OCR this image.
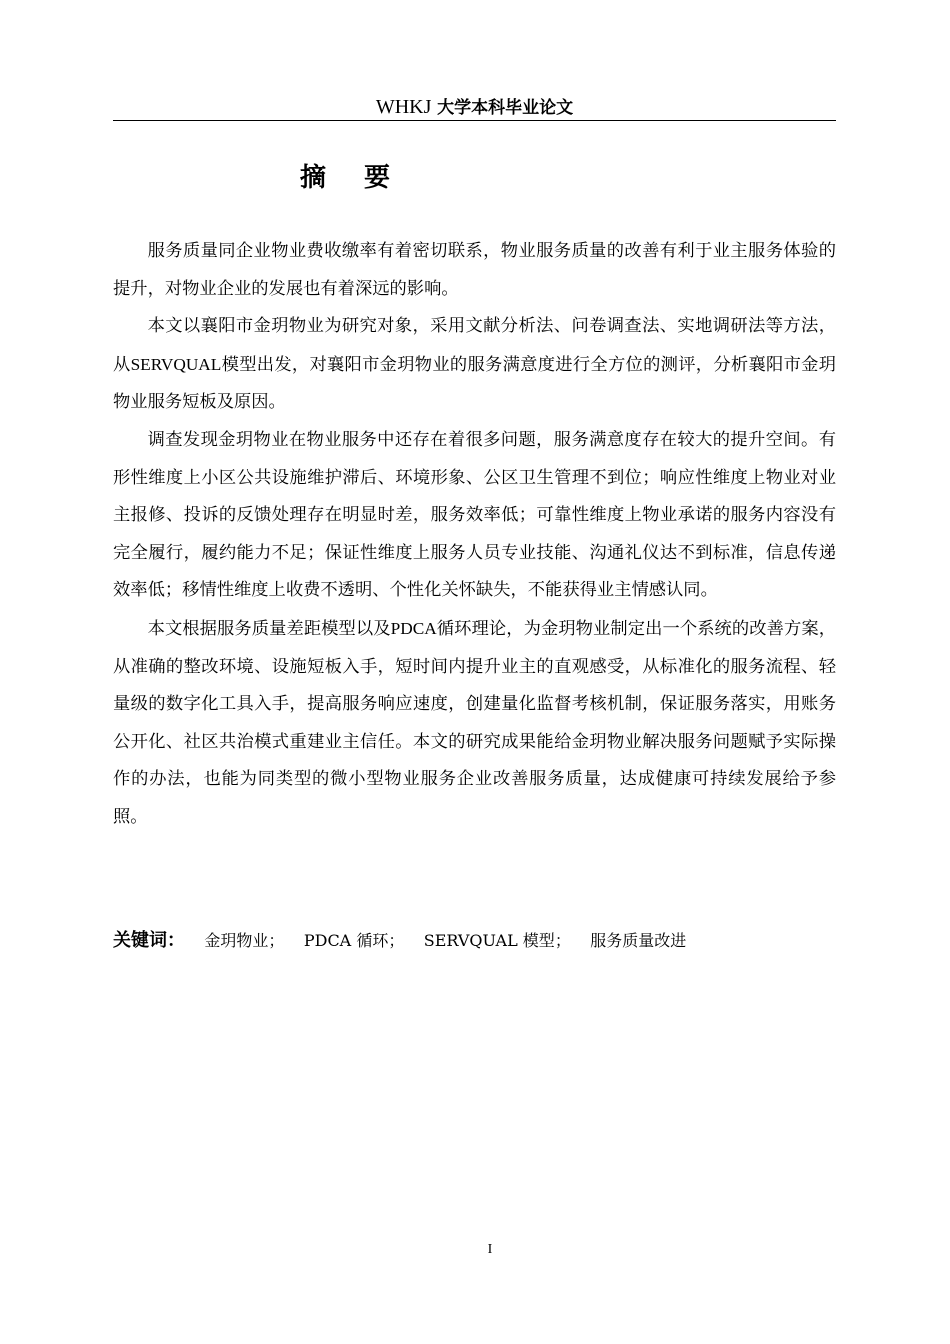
WHKJ 大学本科毕业论文
摘要

服务质量同企业物业费收缴率有着密切联系，物业服务质量的改善有利于业主服务体验的提升，对物业企业的发展也有着深远的影响。

本文以襄阳市金玥物业为研究对象，采用文献分析法、问卷调查法、实地调研法等方法，从SERVQUAL模型出发，对襄阳市金玥物业的服务满意度进行全方位的测评，分析襄阳市金玥物业服务短板及原因。

调查发现金玥物业在物业服务中还存在着很多问题，服务满意度存在较大的提升空间。有形性维度上小区公共设施维护滞后、环境形象、公区卫生管理不到位；响应性维度上物业对业主报修、投诉的反馈处理存在明显时差，服务效率低；可靠性维度上物业承诺的服务内容没有完全履行，履约能力不足；保证性维度上服务人员专业技能、沟通礼仪达不到标准，信息传递效率低；移情性维度上收费不透明、个性化关怀缺失，不能获得业主情感认同。

本文根据服务质量差距模型以及PDCA循环理论，为金玥物业制定出一个系统的改善方案，从准确的整改环境、设施短板入手，短时间内提升业主的直观感受，从标准化的服务流程、轻量级的数字化工具入手，提高服务响应速度，创建量化监督考核机制，保证服务落实，用账务公开化、社区共治模式重建业主信任。本文的研究成果能给金玥物业解决服务问题赋予实际操作的办法，也能为同类型的微小型物业服务企业改善服务质量，达成健康可持续发展给予参照。

关键词： 金玥物业； PDCA 循环； SERVQUAL 模型； 服务质量改进
I
